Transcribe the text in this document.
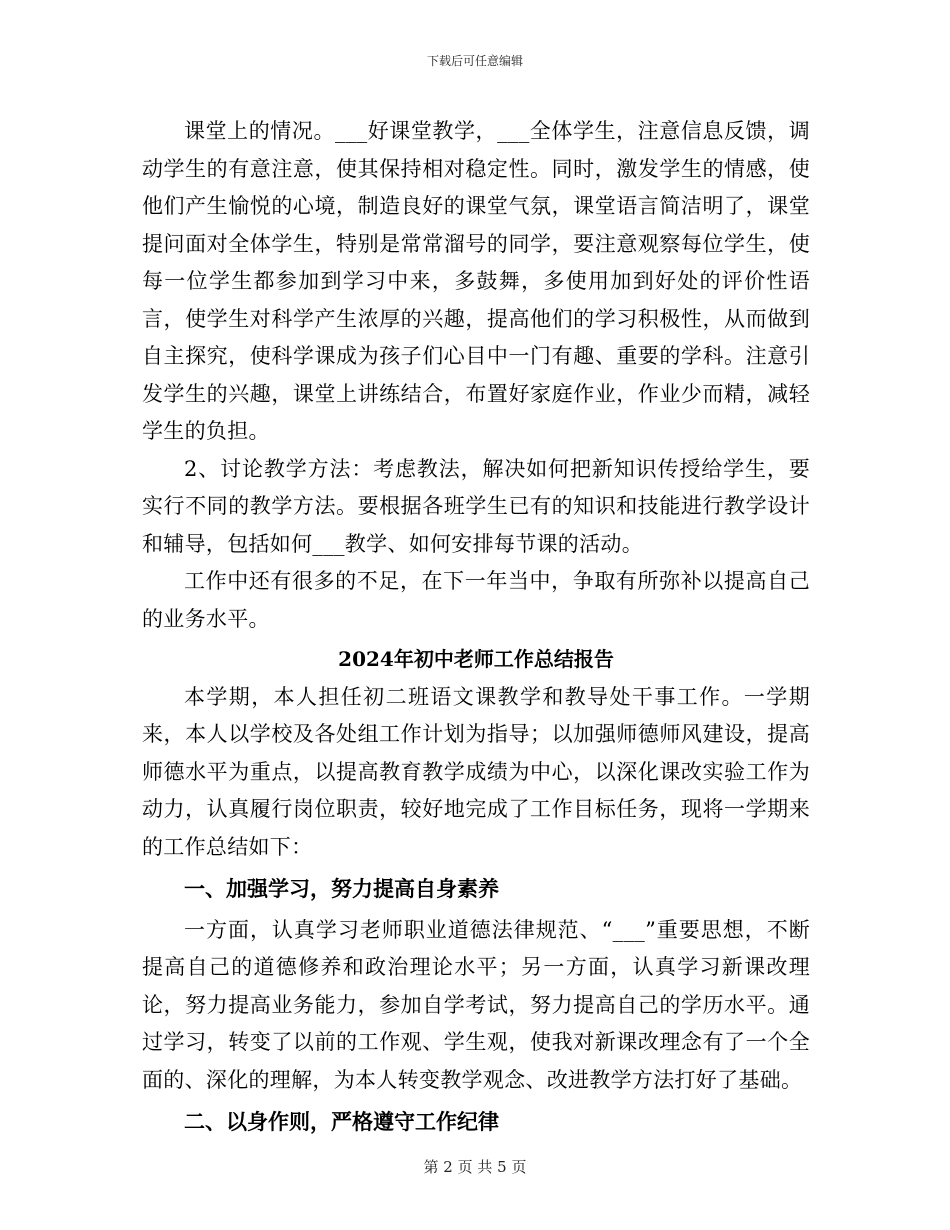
下载后可任意编辑

课堂上的情况。___好课堂教学，___全体学生，注意信息反馈，调动学生的有意注意，使其保持相对稳定性。同时，激发学生的情感，使他们产生愉悦的心境，制造良好的课堂气氛，课堂语言简洁明了，课堂提问面对全体学生，特别是常常溜号的同学，要注意观察每位学生，使每一位学生都参加到学习中来，多鼓舞，多使用加到好处的评价性语言，使学生对科学产生浓厚的兴趣，提高他们的学习积极性，从而做到自主探究，使科学课成为孩子们心目中一门有趣、重要的学科。注意引发学生的兴趣，课堂上讲练结合，布置好家庭作业，作业少而精，减轻学生的负担。

2、讨论教学方法：考虑教法，解决如何把新知识传授给学生，要实行不同的教学方法。要根据各班学生已有的知识和技能进行教学设计和辅导，包括如何___教学、如何安排每节课的活动。

工作中还有很多的不足，在下一年当中，争取有所弥补以提高自己的业务水平。

2024年初中老师工作总结报告

本学期，本人担任初二班语文课教学和教导处干事工作。一学期来，本人以学校及各处组工作计划为指导；以加强师德师风建设，提高师德水平为重点，以提高教育教学成绩为中心，以深化课改实验工作为动力，认真履行岗位职责，较好地完成了工作目标任务，现将一学期来的工作总结如下：

一、加强学习，努力提高自身素养

一方面，认真学习老师职业道德法律规范、“___”重要思想，不断提高自己的道德修养和政治理论水平；另一方面，认真学习新课改理论，努力提高业务能力，参加自学考试，努力提高自己的学历水平。通过学习，转变了以前的工作观、学生观，使我对新课改理念有了一个全面的、深化的理解，为本人转变教学观念、改进教学方法打好了基础。

二、以身作则，严格遵守工作纪律
第 2 页 共 5 页
